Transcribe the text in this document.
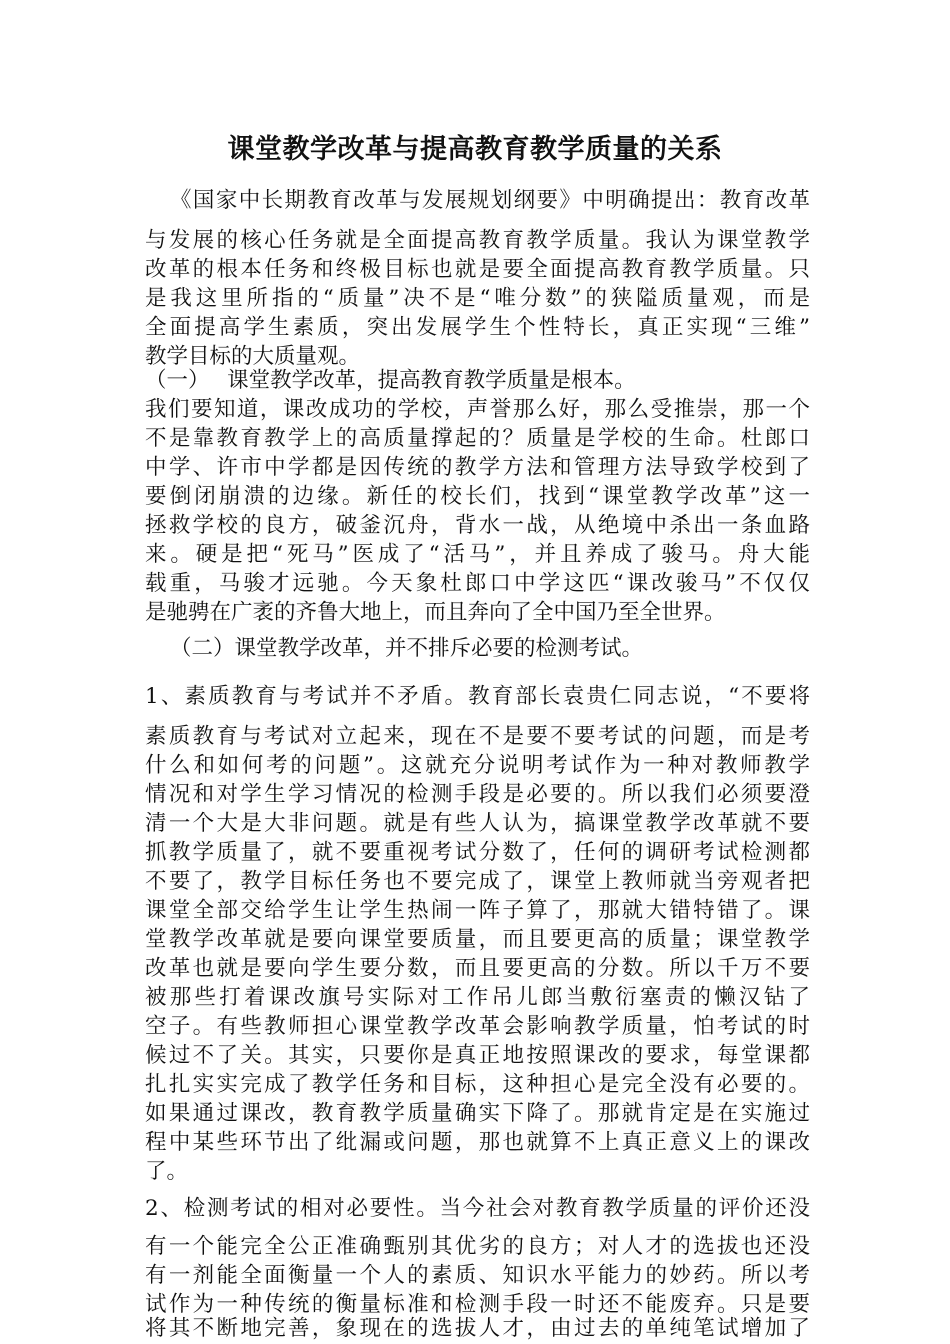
课堂教学改革与提高教育教学质量的关系
《国家中长期教育改革与发展规划纲要》中明确提出：教育改革
与发展的核心任务就是全面提高教育教学质量。我认为课堂教学
改革的根本任务和终极目标也就是要全面提高教育教学质量。只
是我这里所指的“质量”决不是“唯分数”的狭隘质量观，而是
全面提高学生素质，突出发展学生个性特长，真正实现“三维”
教学目标的大质量观。
（一）　 课堂教学改革，提高教育教学质量是根本。
我们要知道，课改成功的学校，声誉那么好，那么受推崇，那一个
不是靠教育教学上的高质量撑起的？质量是学校的生命。杜郎口
中学、许市中学都是因传统的教学方法和管理方法导致学校到了
要倒闭崩溃的边缘。新任的校长们，找到“课堂教学改革”这一
拯救学校的良方，破釜沉舟，背水一战，从绝境中杀出一条血路
来。硬是把“死马”医成了“活马”，并且养成了骏马。舟大能
载重，马骏才远驰。今天象杜郎口中学这匹“课改骏马”不仅仅
是驰骋在广袤的齐鲁大地上，而且奔向了全中国乃至全世界。
（二）课堂教学改革，并不排斥必要的检测考试。
1、素质教育与考试并不矛盾。教育部长袁贵仁同志说，“不要将
素质教育与考试对立起来，现在不是要不要考试的问题，而是考
什么和如何考的问题”。这就充分说明考试作为一种对教师教学
情况和对学生学习情况的检测手段是必要的。所以我们必须要澄
清一个大是大非问题。就是有些人认为，搞课堂教学改革就不要
抓教学质量了，就不要重视考试分数了，任何的调研考试检测都
不要了，教学目标任务也不要完成了，课堂上教师就当旁观者把
课堂全部交给学生让学生热闹一阵子算了，那就大错特错了。课
堂教学改革就是要向课堂要质量，而且要更高的质量；课堂教学
改革也就是要向学生要分数，而且要更高的分数。所以千万不要
被那些打着课改旗号实际对工作吊儿郎当敷衍塞责的懒汉钻了
空子。有些教师担心课堂教学改革会影响教学质量，怕考试的时
候过不了关。其实，只要你是真正地按照课改的要求，每堂课都
扎扎实实完成了教学任务和目标，这种担心是完全没有必要的。
如果通过课改，教育教学质量确实下降了。那就肯定是在实施过
程中某些环节出了纰漏或问题，那也就算不上真正意义上的课改
了。
2、检测考试的相对必要性。当今社会对教育教学质量的评价还没
有一个能完全公正准确甄别其优劣的良方；对人才的选拔也还没
有一剂能全面衡量一个人的素质、知识水平能力的妙药。所以考
试作为一种传统的衡量标准和检测手段一时还不能废弃。只是要
将其不断地完善，象现在的选拔人才，由过去的单纯笔试增加了
